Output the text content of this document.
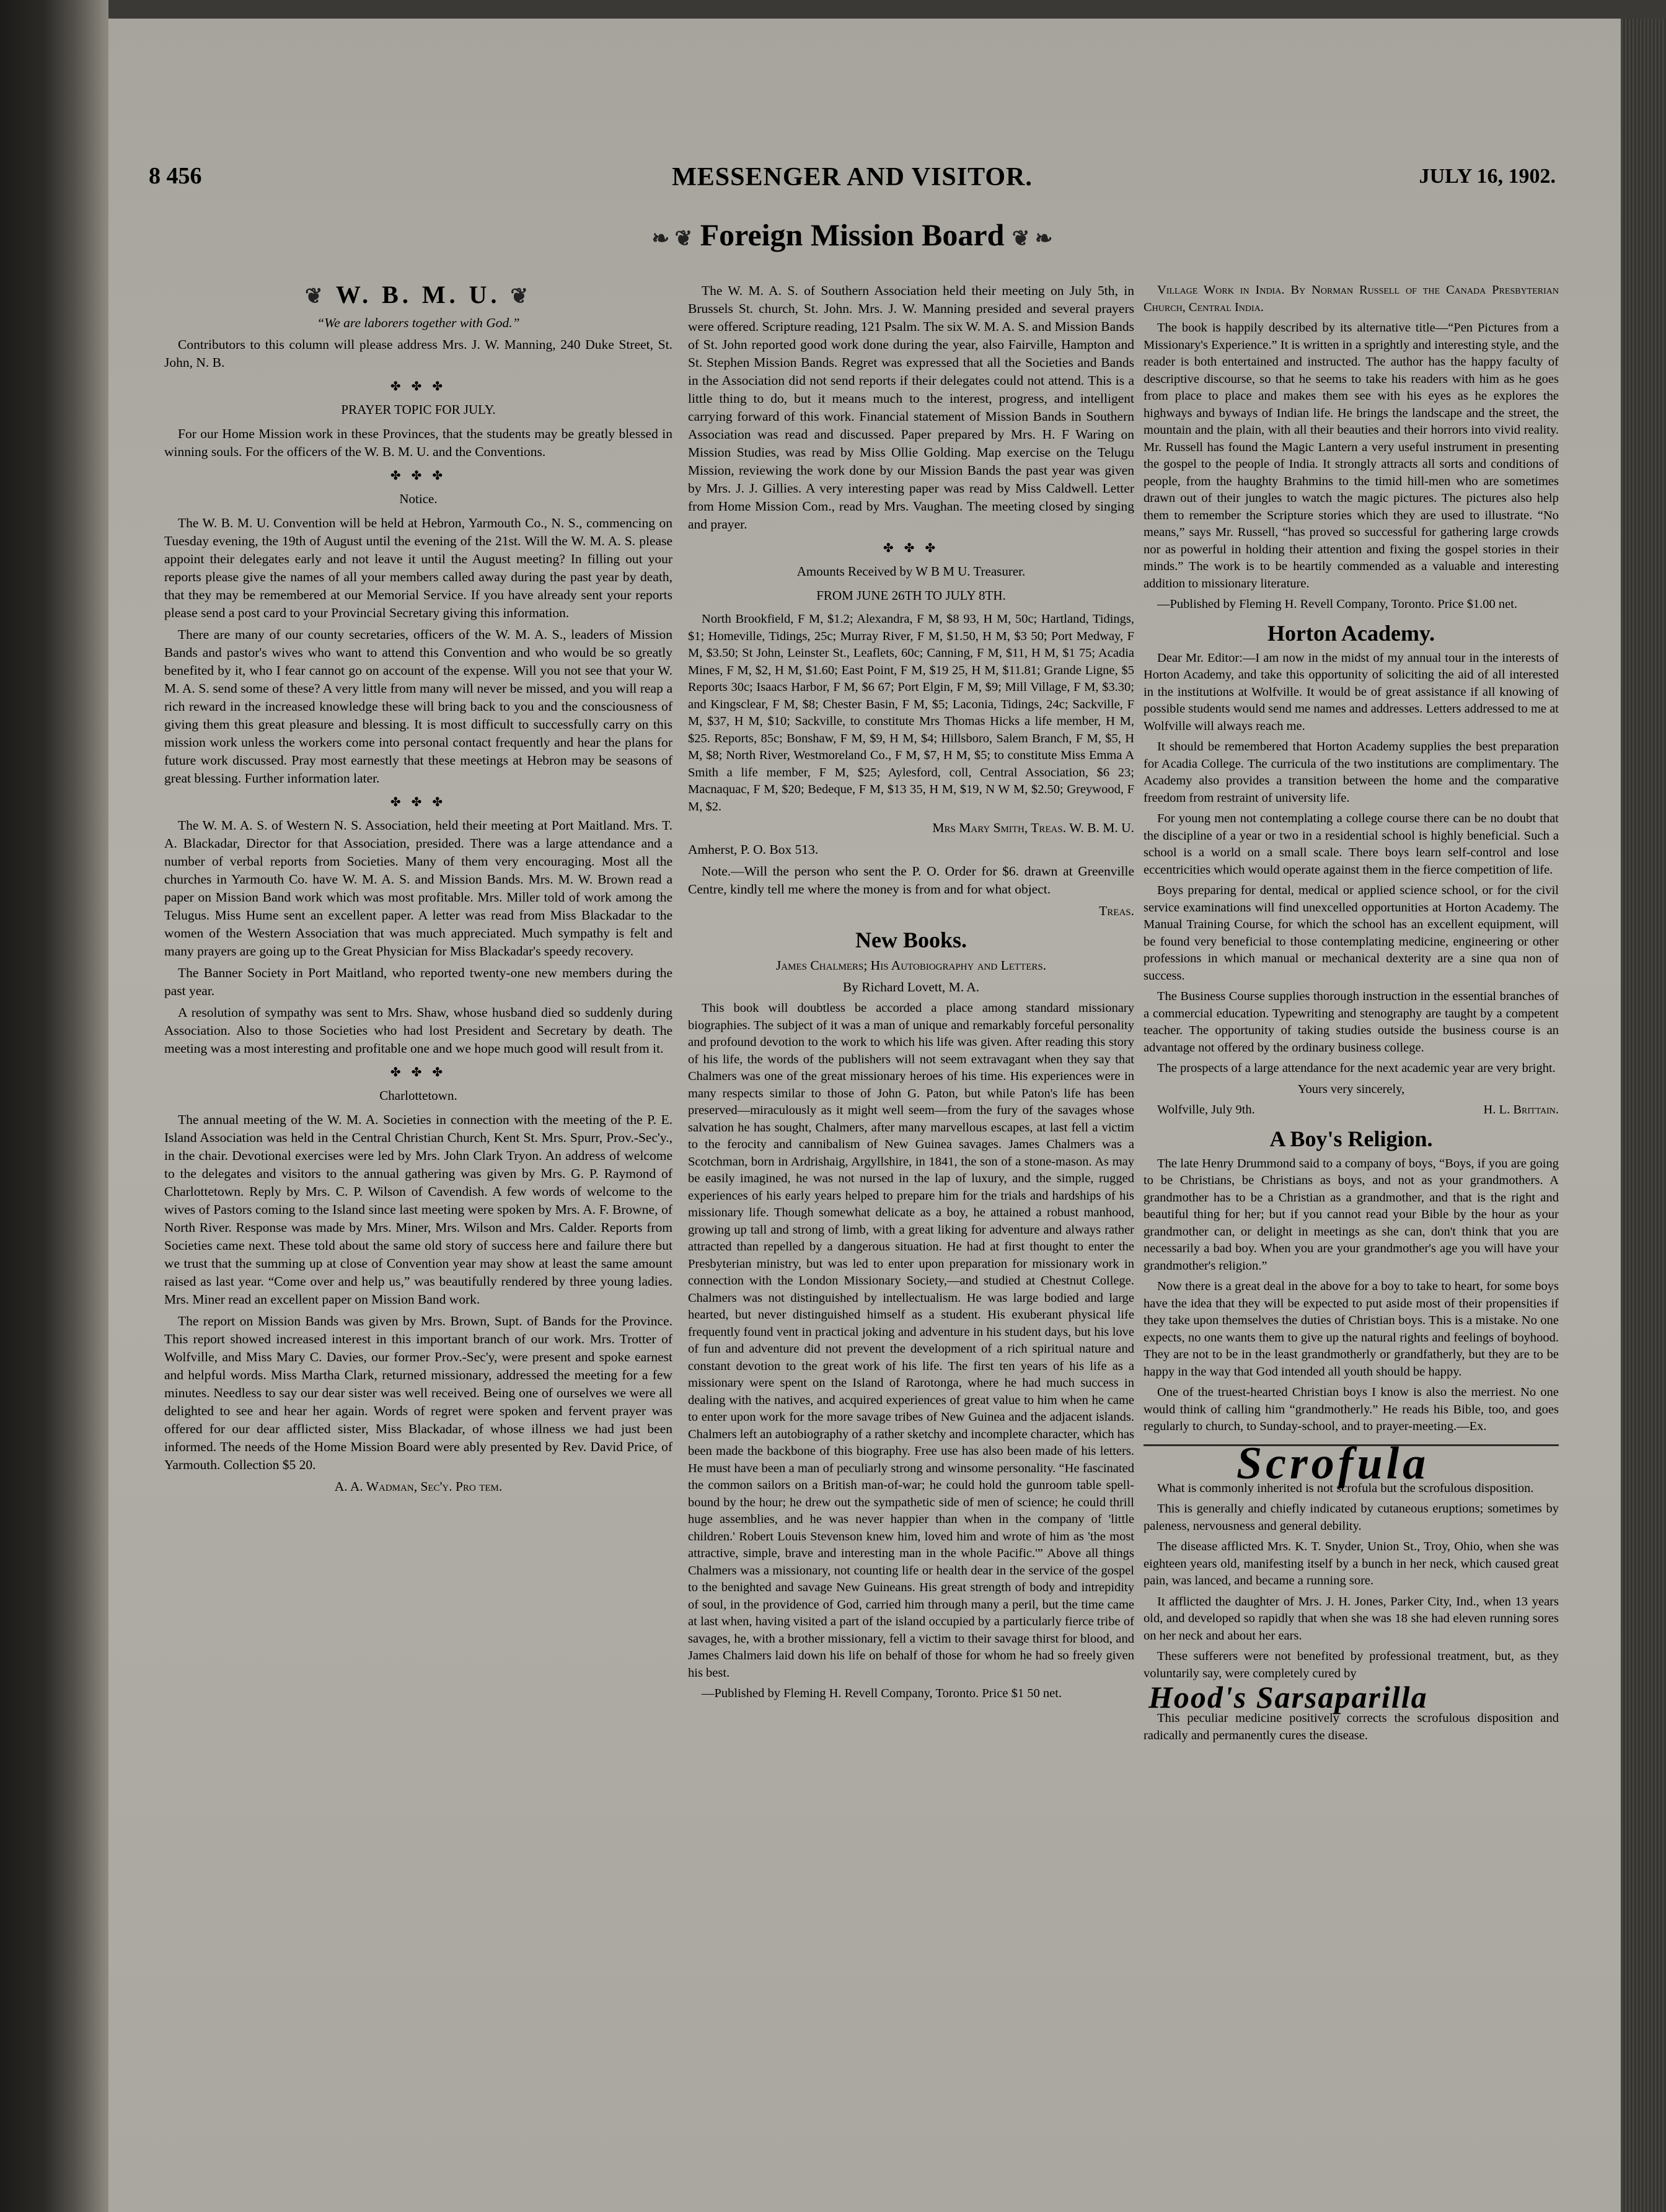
8 456	MESSENGER AND VISITOR.	JULY 16, 1902.
❧ ❦ Foreign Mission Board ❦ ❧
❦ W. B. M. U. ❦

“We are laborers together with God.”

Contributors to this column will please address Mrs. J. W. Manning, 240 Duke Street, St. John, N. B.

✤ ✤ ✤
PRAYER TOPIC FOR JULY.

For our Home Mission work in these Provinces, that the students may be greatly blessed in winning souls. For the officers of the W. B. M. U. and the Conventions.

✤ ✤ ✤
Notice.

The W. B. M. U. Convention will be held at Hebron, Yarmouth Co., N. S., commencing on Tuesday evening, the 19th of August until the evening of the 21st. Will the W. M. A. S. please appoint their delegates early and not leave it until the August meeting? In filling out your reports please give the names of all your members called away during the past year by death, that they may be remembered at our Memorial Service. If you have already sent your reports please send a post card to your Provincial Secretary giving this information.

There are many of our county secretaries, officers of the W. M. A. S., leaders of Mission Bands and pastor's wives who want to attend this Convention and who would be so greatly benefited by it, who I fear cannot go on account of the expense. Will you not see that your W. M. A. S. send some of these? A very little from many will never be missed, and you will reap a rich reward in the increased knowledge these will bring back to you and the consciousness of giving them this great pleasure and blessing. It is most difficult to successfully carry on this mission work unless the workers come into personal contact frequently and hear the plans for future work discussed. Pray most earnestly that these meetings at Hebron may be seasons of great blessing. Further information later.

✤ ✤ ✤

The W. M. A. S. of Western N. S. Association, held their meeting at Port Maitland. Mrs. T. A. Blackadar, Director for that Association, presided. There was a large attendance and a number of verbal reports from Societies. Many of them very encouraging. Most all the churches in Yarmouth Co. have W. M. A. S. and Mission Bands. Mrs. M. W. Brown read a paper on Mission Band work which was most profitable. Mrs. Miller told of work among the Telugus. Miss Hume sent an excellent paper. A letter was read from Miss Blackadar to the women of the Western Association that was much appreciated. Much sympathy is felt and many prayers are going up to the Great Physician for Miss Blackadar's speedy recovery.

The Banner Society in Port Maitland, who reported twenty-one new members during the past year.

A resolution of sympathy was sent to Mrs. Shaw, whose husband died so suddenly during Association. Also to those Societies who had lost President and Secretary by death. The meeting was a most interesting and profitable one and we hope much good will result from it.

✤ ✤ ✤
Charlottetown.

The annual meeting of the W. M. A. Societies in connection with the meeting of the P. E. Island Association was held in the Central Christian Church, Kent St. Mrs. Spurr, Prov.-Sec'y., in the chair. Devotional exercises were led by Mrs. John Clark Tryon. An address of welcome to the delegates and visitors to the annual gathering was given by Mrs. G. P. Raymond of Charlottetown. Reply by Mrs. C. P. Wilson of Cavendish. A few words of welcome to the wives of Pastors coming to the Island since last meeting were spoken by Mrs. A. F. Browne, of North River. Response was made by Mrs. Miner, Mrs. Wilson and Mrs. Calder. Reports from Societies came next. These told about the same old story of success here and failure there but we trust that the summing up at close of Convention year may show at least the same amount raised as last year. “Come over and help us,” was beautifully rendered by three young ladies. Mrs. Miner read an excellent paper on Mission Band work.

The report on Mission Bands was given by Mrs. Brown, Supt. of Bands for the Province. This report showed increased interest in this important branch of our work. Mrs. Trotter of Wolfville, and Miss Mary C. Davies, our former Prov.-Sec'y, were present and spoke earnest and helpful words. Miss Martha Clark, returned missionary, addressed the meeting for a few minutes. Needless to say our dear sister was well received. Being one of ourselves we were all delighted to see and hear her again. Words of regret were spoken and fervent prayer was offered for our dear afflicted sister, Miss Blackadar, of whose illness we had just been informed. The needs of the Home Mission Board were ably presented by Rev. David Price, of Yarmouth. Collection $5 20.

A. A. Wadman, Sec'y. Pro tem.

The W. M. A. S. of Southern Association held their meeting on July 5th, in Brussels St. church, St. John. Mrs. J. W. Manning presided and several prayers were offered. Scripture reading, 121 Psalm. The six W. M. A. S. and Mission Bands of St. John reported good work done during the year, also Fairville, Hampton and St. Stephen Mission Bands. Regret was expressed that all the Societies and Bands in the Association did not send reports if their delegates could not attend. This is a little thing to do, but it means much to the interest, progress, and intelligent carrying forward of this work. Financial statement of Mission Bands in Southern Association was read and discussed. Paper prepared by Mrs. H. F Waring on Mission Studies, was read by Miss Ollie Golding. Map exercise on the Telugu Mission, reviewing the work done by our Mission Bands the past year was given by Mrs. J. J. Gillies. A very interesting paper was read by Miss Caldwell. Letter from Home Mission Com., read by Mrs. Vaughan. The meeting closed by singing and prayer.

✤ ✤ ✤
Amounts Received by W B M U. Treasurer.
FROM JUNE 26TH TO JULY 8TH.

North Brookfield, F M, $1.2; Alexandra, F M, $8 93, H M, 50c; Hartland, Tidings, $1; Homeville, Tidings, 25c; Murray River, F M, $1.50, H M, $3 50; Port Medway, F M, $3.50; St John, Leinster St., Leaflets, 60c; Canning, F M, $11, H M, $1 75; Acadia Mines, F M, $2, H M, $1.60; East Point, F M, $19 25, H M, $11.81; Grande Ligne, $5 Reports 30c; Isaacs Harbor, F M, $6 67; Port Elgin, F M, $9; Mill Village, F M, $3.30; and Kingsclear, F M, $8; Chester Basin, F M, $5; Laconia, Tidings, 24c; Sackville, F M, $37, H M, $10; Sackville, to constitute Mrs Thomas Hicks a life member, H M, $25. Reports, 85c; Bonshaw, F M, $9, H M, $4; Hillsboro, Salem Branch, F M, $5, H M, $8; North River, Westmoreland Co., F M, $7, H M, $5; to constitute Miss Emma A Smith a life member, F M, $25; Aylesford, coll, Central Association, $6 23; Macnaquac, F M, $20; Bedeque, F M, $13 35, H M, $19, N W M, $2.50; Greywood, F M, $2.

Mrs Mary Smith, Treas. W. B. M. U.

Amherst, P. O. Box 513.

Note.—Will the person who sent the P. O. Order for $6. drawn at Greenville Centre, kindly tell me where the money is from and for what object.

Treas.

New Books.

James Chalmers; His Autobiography and Letters.

By Richard Lovett, M. A.

This book will doubtless be accorded a place among standard missionary biographies. The subject of it was a man of unique and remarkably forceful personality and profound devotion to the work to which his life was given. After reading this story of his life, the words of the publishers will not seem extravagant when they say that Chalmers was one of the great missionary heroes of his time. His experiences were in many respects similar to those of John G. Paton, but while Paton's life has been preserved—miraculously as it might well seem—from the fury of the savages whose salvation he has sought, Chalmers, after many marvellous escapes, at last fell a victim to the ferocity and cannibalism of New Guinea savages. James Chalmers was a Scotchman, born in Ardrishaig, Argyllshire, in 1841, the son of a stone-mason. As may be easily imagined, he was not nursed in the lap of luxury, and the simple, rugged experiences of his early years helped to prepare him for the trials and hardships of his missionary life. Though somewhat delicate as a boy, he attained a robust manhood, growing up tall and strong of limb, with a great liking for adventure and always rather attracted than repelled by a dangerous situation. He had at first thought to enter the Presbyterian ministry, but was led to enter upon preparation for missionary work in connection with the London Missionary Society,—and studied at Chestnut College. Chalmers was not distinguished by intellectualism. He was large bodied and large hearted, but never distinguished himself as a student. His exuberant physical life frequently found vent in practical joking and adventure in his student days, but his love of fun and adventure did not prevent the development of a rich spiritual nature and constant devotion to the great work of his life. The first ten years of his life as a missionary were spent on the Island of Rarotonga, where he had much success in dealing with the natives, and acquired experiences of great value to him when he came to enter upon work for the more savage tribes of New Guinea and the adjacent islands. Chalmers left an autobiography of a rather sketchy and incomplete character, which has been made the backbone of this biography. Free use has also been made of his letters. He must have been a man of peculiarly strong and winsome personality. “He fascinated the common sailors on a British man-of-war; he could hold the gunroom table spell-bound by the hour; he drew out the sympathetic side of men of science; he could thrill huge assemblies, and he was never happier than when in the company of 'little children.' Robert Louis Stevenson knew him, loved him and wrote of him as 'the most attractive, simple, brave and interesting man in the whole Pacific.'” Above all things Chalmers was a missionary, not counting life or health dear in the service of the gospel to the benighted and savage New Guineans. His great strength of body and intrepidity of soul, in the providence of God, carried him through many a peril, but the time came at last when, having visited a part of the island occupied by a particularly fierce tribe of savages, he, with a brother missionary, fell a victim to their savage thirst for blood, and James Chalmers laid down his life on behalf of those for whom he had so freely given his best.

—Published by Fleming H. Revell Company, Toronto. Price $1 50 net.

Village Work in India. By Norman Russell of the Canada Presbyterian Church, Central India.

The book is happily described by its alternative title—“Pen Pictures from a Missionary's Experience.” It is written in a sprightly and interesting style, and the reader is both entertained and instructed. The author has the happy faculty of descriptive discourse, so that he seems to take his readers with him as he goes from place to place and makes them see with his eyes as he explores the highways and byways of Indian life. He brings the landscape and the street, the mountain and the plain, with all their beauties and their horrors into vivid reality. Mr. Russell has found the Magic Lantern a very useful instrument in presenting the gospel to the people of India. It strongly attracts all sorts and conditions of people, from the haughty Brahmins to the timid hill-men who are sometimes drawn out of their jungles to watch the magic pictures. The pictures also help them to remember the Scripture stories which they are used to illustrate. “No means,” says Mr. Russell, “has proved so successful for gathering large crowds nor as powerful in holding their attention and fixing the gospel stories in their minds.” The work is to be heartily commended as a valuable and interesting addition to missionary literature.

—Published by Fleming H. Revell Company, Toronto. Price $1.00 net.

Horton Academy.

Dear Mr. Editor:—I am now in the midst of my annual tour in the interests of Horton Academy, and take this opportunity of soliciting the aid of all interested in the institutions at Wolfville. It would be of great assistance if all knowing of possible students would send me names and addresses. Letters addressed to me at Wolfville will always reach me.

It should be remembered that Horton Academy supplies the best preparation for Acadia College. The curricula of the two institutions are complimentary. The Academy also provides a transition between the home and the comparative freedom from restraint of university life.

For young men not contemplating a college course there can be no doubt that the discipline of a year or two in a residential school is highly beneficial. Such a school is a world on a small scale. There boys learn self-control and lose eccentricities which would operate against them in the fierce competition of life.

Boys preparing for dental, medical or applied science school, or for the civil service examinations will find unexcelled opportunities at Horton Academy. The Manual Training Course, for which the school has an excellent equipment, will be found very beneficial to those contemplating medicine, engineering or other professions in which manual or mechanical dexterity are a sine qua non of success.

The Business Course supplies thorough instruction in the essential branches of a commercial education. Typewriting and stenography are taught by a competent teacher. The opportunity of taking studies outside the business course is an advantage not offered by the ordinary business college.

The prospects of a large attendance for the next academic year are very bright.

Yours very sincerely,

Wolfville, July 9th.	H. L. Brittain.

A Boy's Religion.

The late Henry Drummond said to a company of boys, “Boys, if you are going to be Christians, be Christians as boys, and not as your grandmothers. A grandmother has to be a Christian as a grandmother, and that is the right and beautiful thing for her; but if you cannot read your Bible by the hour as your grandmother can, or delight in meetings as she can, don't think that you are necessarily a bad boy. When you are your grandmother's age you will have your grandmother's religion.”

Now there is a great deal in the above for a boy to take to heart, for some boys have the idea that they will be expected to put aside most of their propensities if they take upon themselves the duties of Christian boys. This is a mistake. No one expects, no one wants them to give up the natural rights and feelings of boyhood. They are not to be in the least grandmotherly or grandfatherly, but they are to be happy in the way that God intended all youth should be happy.

One of the truest-hearted Christian boys I know is also the merriest. No one would think of calling him “grandmotherly.” He reads his Bible, too, and goes regularly to church, to Sunday-school, and to prayer-meeting.—Ex.

Scrofula

What is commonly inherited is not scrofula but the scrofulous disposition.

This is generally and chiefly indicated by cutaneous eruptions; sometimes by paleness, nervousness and general debility.

The disease afflicted Mrs. K. T. Snyder, Union St., Troy, Ohio, when she was eighteen years old, manifesting itself by a bunch in her neck, which caused great pain, was lanced, and became a running sore.

It afflicted the daughter of Mrs. J. H. Jones, Parker City, Ind., when 13 years old, and developed so rapidly that when she was 18 she had eleven running sores on her neck and about her ears.

These sufferers were not benefited by professional treatment, but, as they voluntarily say, were completely cured by

Hood's Sarsaparilla

This peculiar medicine positively corrects the scrofulous disposition and radically and permanently cures the disease.
